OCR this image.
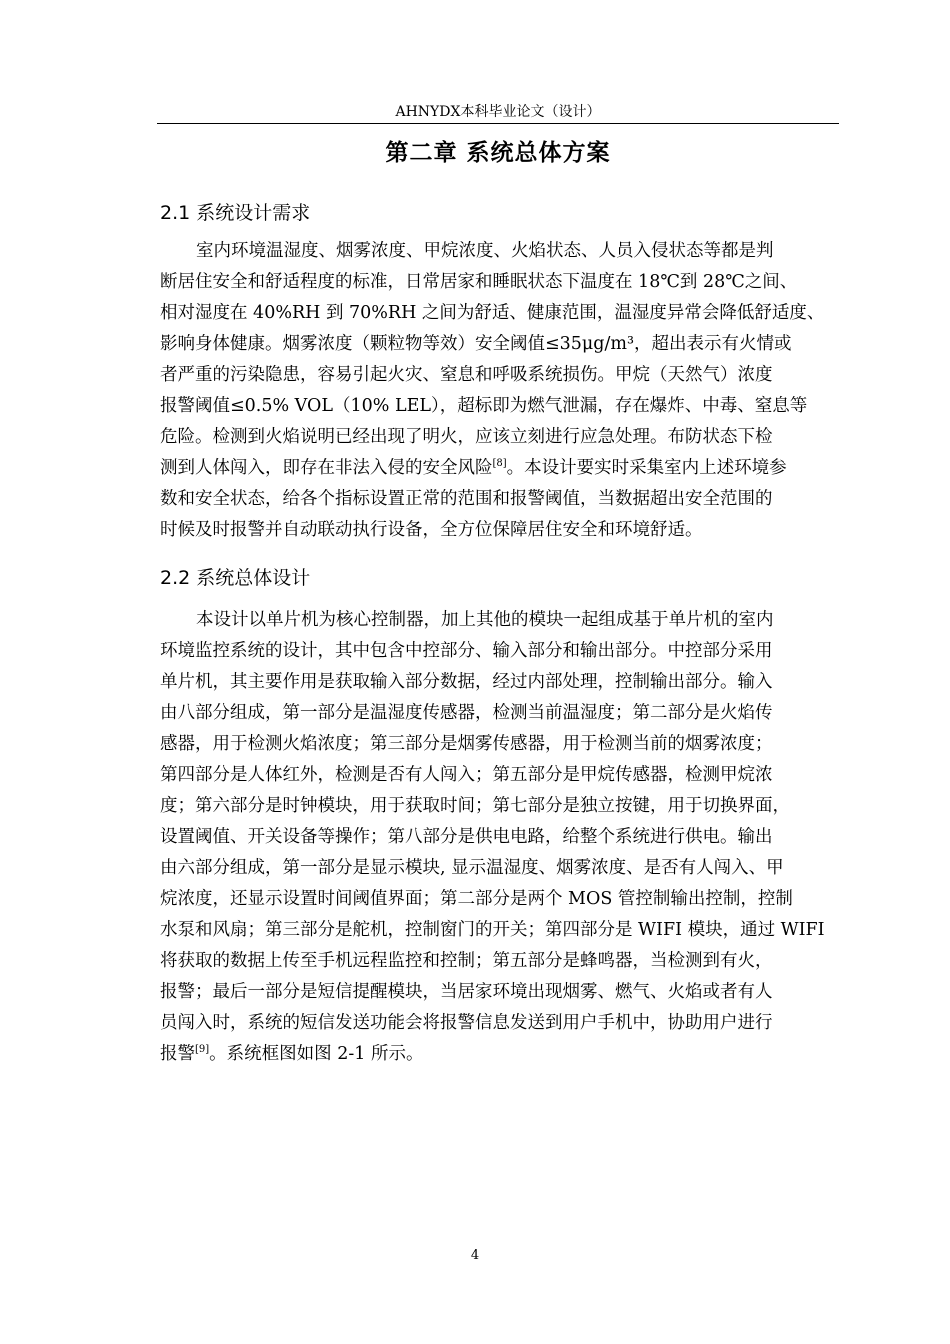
AHNYDX本科毕业论文（设计）
第二章 系统总体方案
2.1 系统设计需求
室内环境温湿度、烟雾浓度、甲烷浓度、火焰状态、人员入侵状态等都是判
断居住安全和舒适程度的标准，日常居家和睡眠状态下温度在 18℃到 28℃之间、
相对湿度在 40%RH 到 70%RH 之间为舒适、健康范围，温湿度异常会降低舒适度、
影响身体健康。烟雾浓度（颗粒物等效）安全阈值≤35μg/m³，超出表示有火情或
者严重的污染隐患，容易引起火灾、窒息和呼吸系统损伤。甲烷（天然气）浓度
报警阈值≤0.5% VOL（10% LEL），超标即为燃气泄漏，存在爆炸、中毒、窒息等
危险。检测到火焰说明已经出现了明火，应该立刻进行应急处理。布防状态下检
测到人体闯入，即存在非法入侵的安全风险[8]。本设计要实时采集室内上述环境参
数和安全状态，给各个指标设置正常的范围和报警阈值，当数据超出安全范围的
时候及时报警并自动联动执行设备，全方位保障居住安全和环境舒适。
2.2 系统总体设计
本设计以单片机为核心控制器，加上其他的模块一起组成基于单片机的室内
环境监控系统的设计，其中包含中控部分、输入部分和输出部分。中控部分采用
单片机，其主要作用是获取输入部分数据，经过内部处理，控制输出部分。输入
由八部分组成，第一部分是温湿度传感器，检测当前温湿度；第二部分是火焰传
感器，用于检测火焰浓度；第三部分是烟雾传感器，用于检测当前的烟雾浓度；
第四部分是人体红外，检测是否有人闯入；第五部分是甲烷传感器，检测甲烷浓
度；第六部分是时钟模块，用于获取时间；第七部分是独立按键，用于切换界面，
设置阈值、开关设备等操作；第八部分是供电电路，给整个系统进行供电。输出
由六部分组成，第一部分是显示模块, 显示温湿度、烟雾浓度、是否有人闯入、甲
烷浓度，还显示设置时间阈值界面；第二部分是两个 MOS 管控制输出控制，控制
水泵和风扇；第三部分是舵机，控制窗门的开关；第四部分是 WIFI 模块，通过 WIFI
将获取的数据上传至手机远程监控和控制；第五部分是蜂鸣器，当检测到有火，
报警；最后一部分是短信提醒模块，当居家环境出现烟雾、燃气、火焰或者有人
员闯入时，系统的短信发送功能会将报警信息发送到用户手机中，协助用户进行
报警[9]。系统框图如图 2-1 所示。
4
